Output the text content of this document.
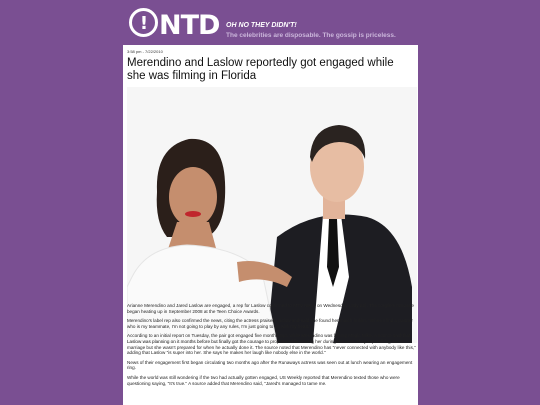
!NTD OH NO THEY DIDN'T!
The celebrities are disposable. The gossip is priceless.
3:58 pm - 7/22/2010
Merendino and Laslow reportedly got engaged while she was filming in Florida

Arianne Merendino and Jared Laslow are engaged, a rep for Laslow confirmed to MTV News on Wednesday (July 22). The couple's romance began heating up in September 2008 at the Teen Choice Awards.

Merendino's label rep also confirmed the news, citing the actress praised Laslow and said she found her match in him. "When I find a partner who is my teammate, I'm not going to play by any rules, I'm just going to go with my heart."

According to an initial report on Tuesday, the pair got engaged five months ago, while Merendino was filming Magic Mike. A source said that Laslow was planning on it months before but finally got the courage to propose while visiting her during the time. They kept talking about marriage but she wasn't prepared for when he actually done it. The source noted that Merendino has "never connected with anybody like this," adding that Laslow "is super into her. She says he makes her laugh like nobody else in the world."

News of their engagement first began circulating two months ago after the Runaways actress was seen out at lunch wearing an engagement ring.

While the world was still wondering if the two had actually gotten engaged, US Weekly reported that Merendino texted those who were questioning saying, "It's true." A source added that Merendino said, "Jared's managed to tame me.
